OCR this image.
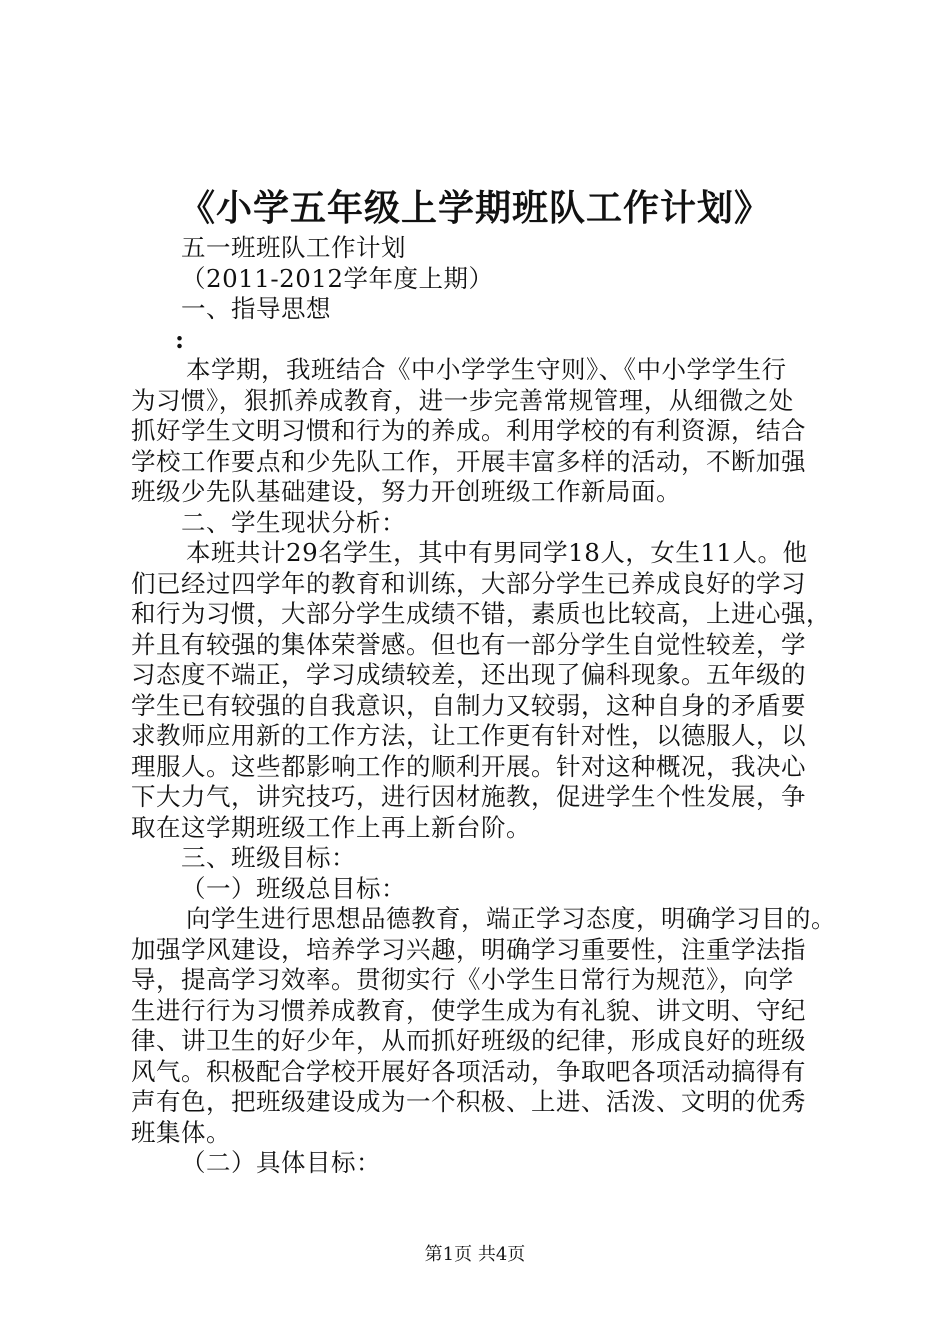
《小学五年级上学期班队工作计划》
五一班班队工作计划
（2011-2012学年度上期）
一、指导思想
:
本学期，我班结合《中小学学生守则》、《中小学学生行
为习惯》，狠抓养成教育，进一步完善常规管理，从细微之处
抓好学生文明习惯和行为的养成。利用学校的有利资源，结合
学校工作要点和少先队工作，开展丰富多样的活动，不断加强
班级少先队基础建设，努力开创班级工作新局面。
二、学生现状分析：
本班共计29名学生，其中有男同学18人，女生11人。他
们已经过四学年的教育和训练，大部分学生已养成良好的学习
和行为习惯，大部分学生成绩不错，素质也比较高，上进心强，
并且有较强的集体荣誉感。但也有一部分学生自觉性较差，学
习态度不端正，学习成绩较差，还出现了偏科现象。五年级的
学生已有较强的自我意识，自制力又较弱，这种自身的矛盾要
求教师应用新的工作方法，让工作更有针对性，以德服人，以
理服人。这些都影响工作的顺利开展。针对这种概况，我决心
下大力气，讲究技巧，进行因材施教，促进学生个性发展，争
取在这学期班级工作上再上新台阶。
三、班级目标：
（一）班级总目标：
向学生进行思想品德教育，端正学习态度，明确学习目的。
加强学风建设，培养学习兴趣，明确学习重要性，注重学法指
导，提高学习效率。贯彻实行《小学生日常行为规范》，向学
生进行行为习惯养成教育，使学生成为有礼貌、讲文明、守纪
律、讲卫生的好少年，从而抓好班级的纪律，形成良好的班级
风气。积极配合学校开展好各项活动，争取吧各项活动搞得有
声有色，把班级建设成为一个积极、上进、活泼、文明的优秀
班集体。
（二）具体目标：
第1页 共4页
